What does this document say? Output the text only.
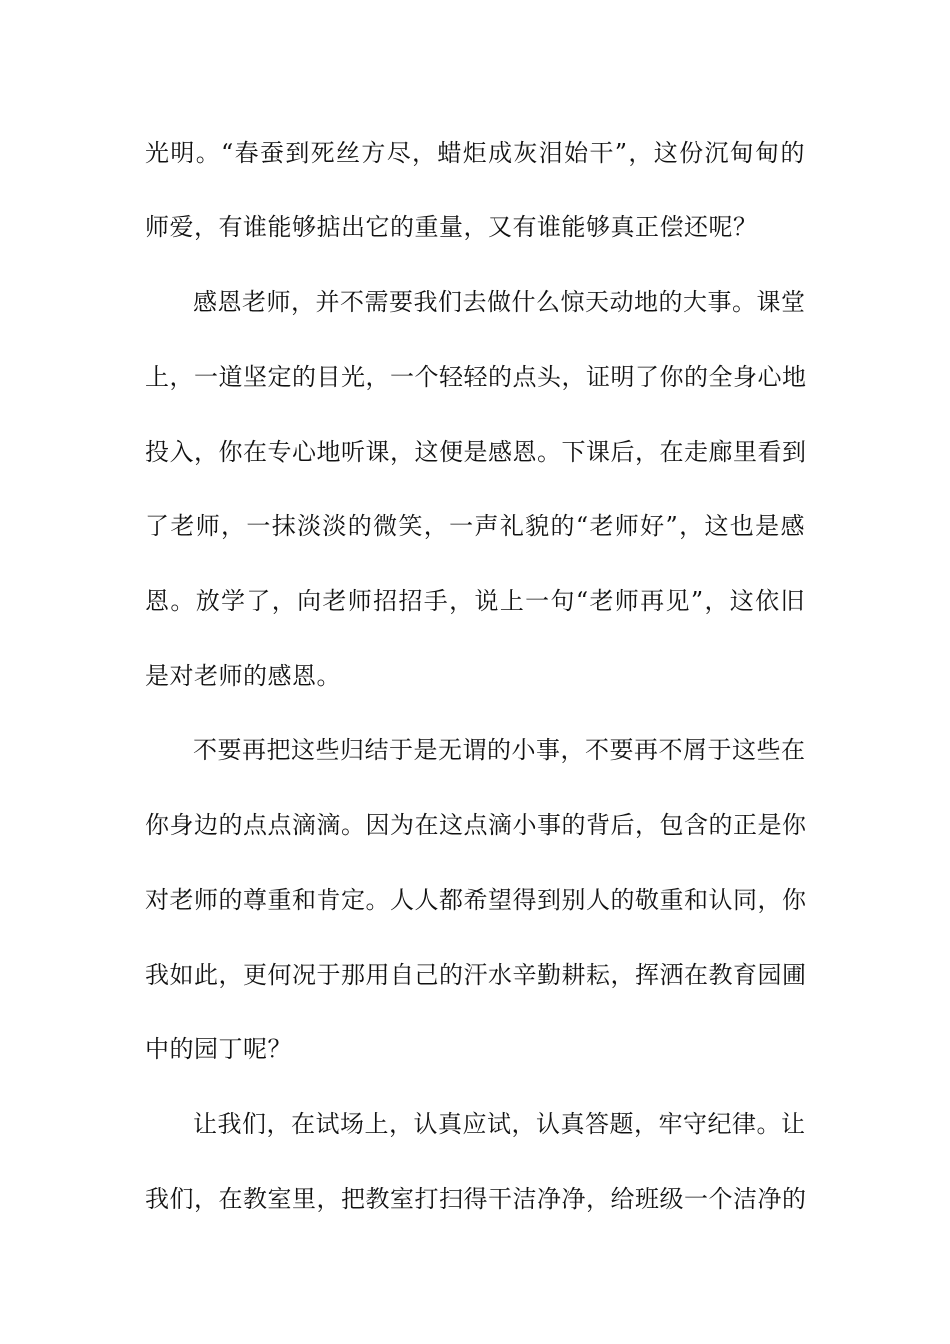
光明。“春蚕到死丝方尽，蜡炬成灰泪始干”，这份沉甸甸的
师爱，有谁能够掂出它的重量，又有谁能够真正偿还呢？
感恩老师，并不需要我们去做什么惊天动地的大事。课堂
上，一道坚定的目光，一个轻轻的点头，证明了你的全身心地
投入，你在专心地听课，这便是感恩。下课后，在走廊里看到
了老师，一抹淡淡的微笑，一声礼貌的“老师好”，这也是感
恩。放学了，向老师招招手，说上一句“老师再见”，这依旧
是对老师的感恩。
不要再把这些归结于是无谓的小事，不要再不屑于这些在
你身边的点点滴滴。因为在这点滴小事的背后，包含的正是你
对老师的尊重和肯定。人人都希望得到别人的敬重和认同，你
我如此，更何况于那用自己的汗水辛勤耕耘，挥洒在教育园圃
中的园丁呢？
让我们，在试场上，认真应试，认真答题，牢守纪律。让
我们，在教室里，把教室打扫得干洁净净，给班级一个洁净的
